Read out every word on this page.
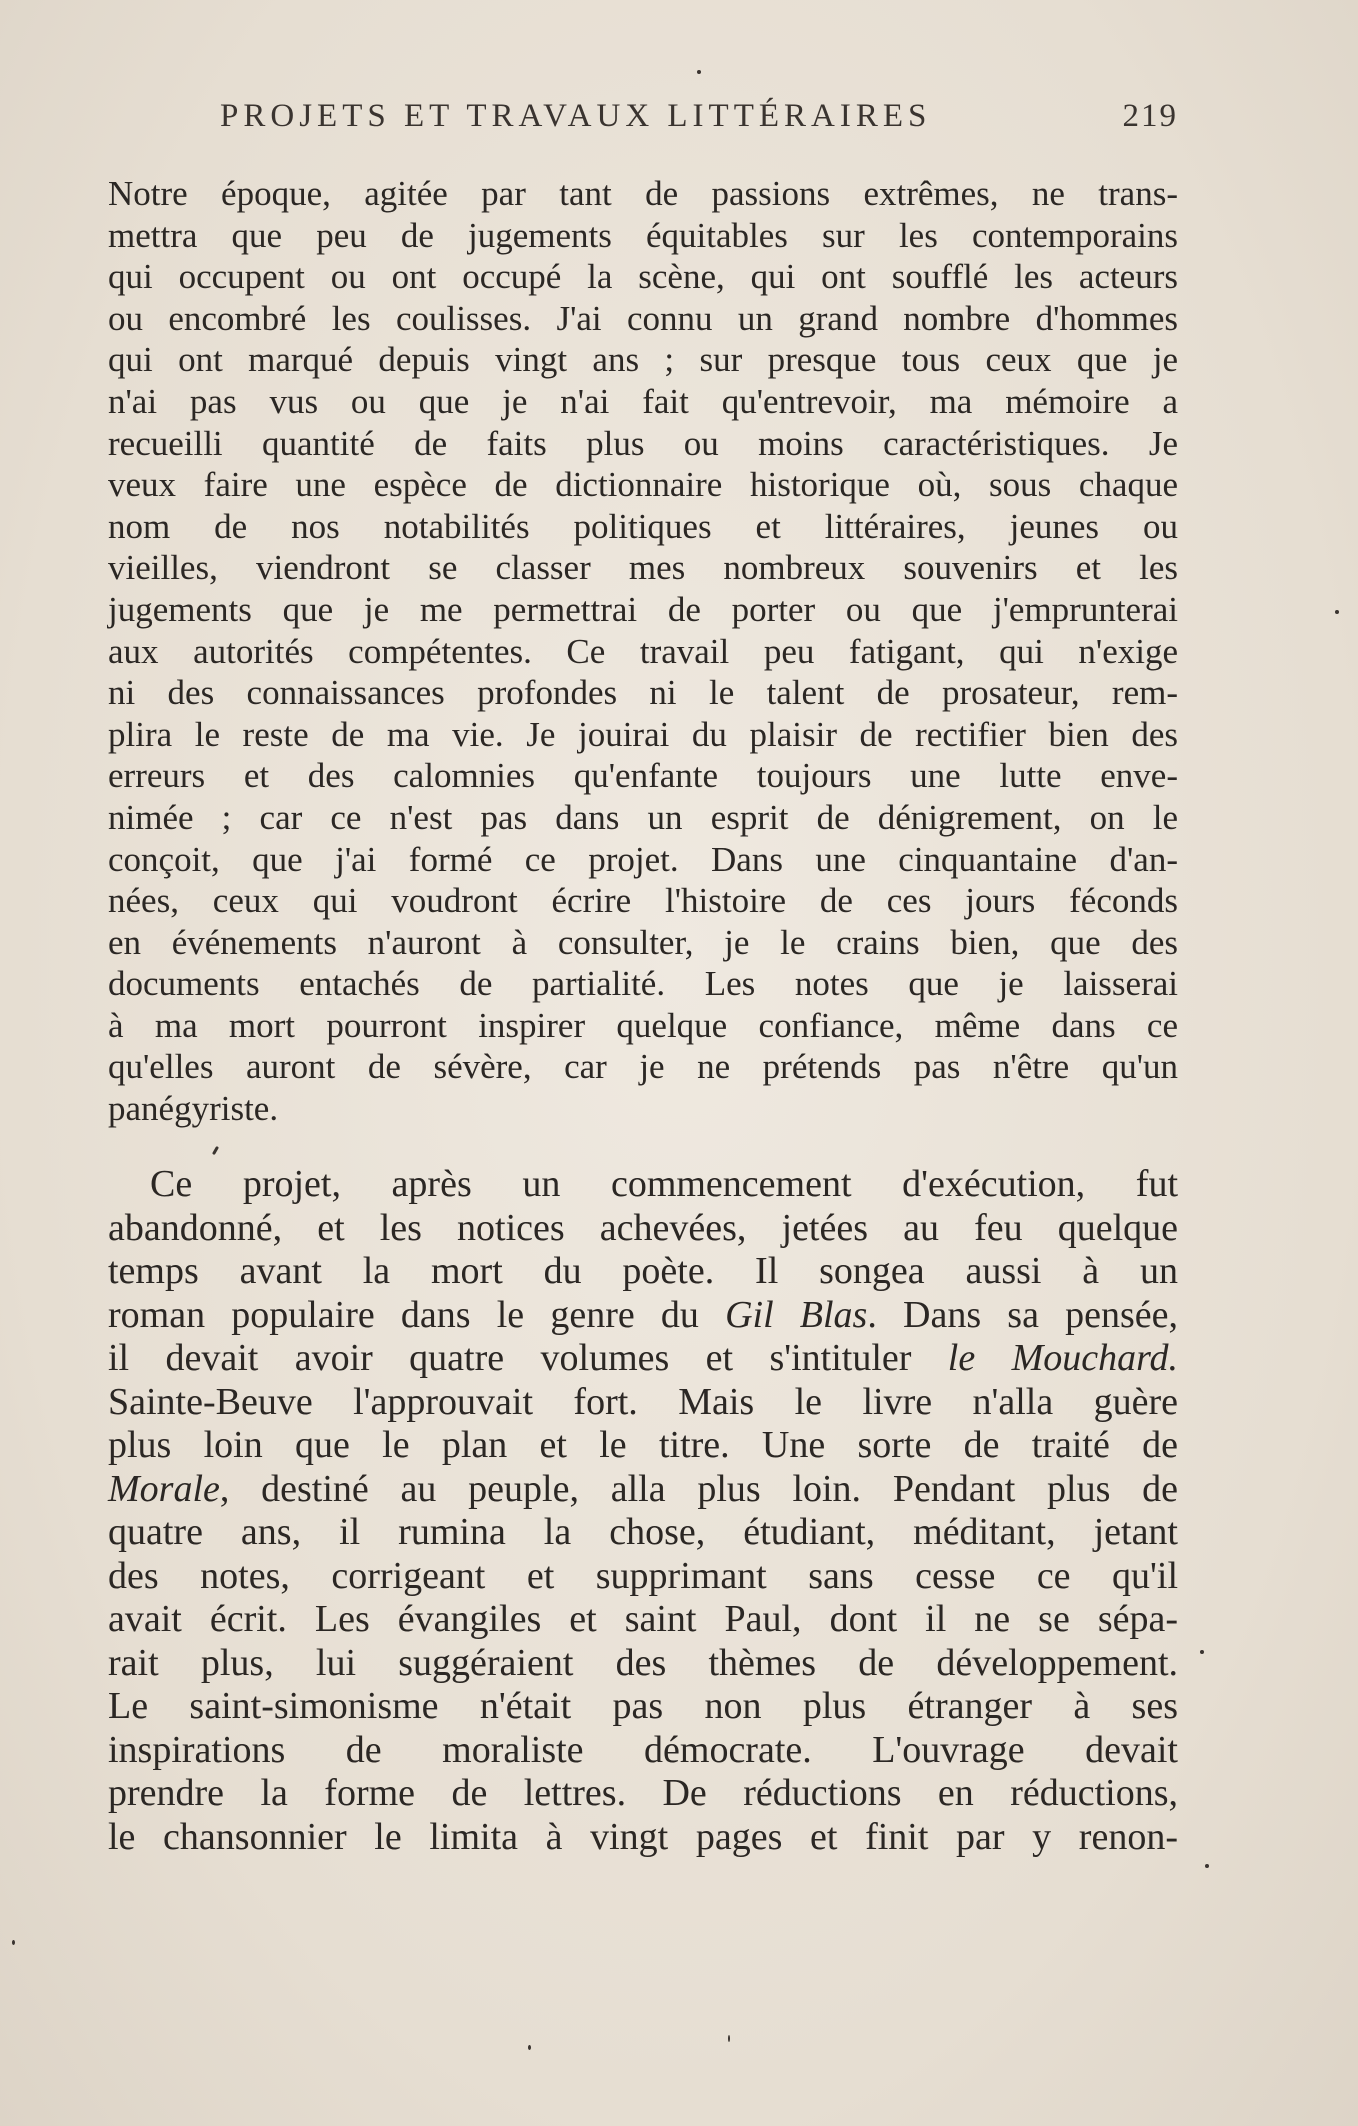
PROJETS ET TRAVAUX LITTÉRAIRES	219
Notre époque, agitée par tant de passions extrêmes, ne trans-
mettra que peu de jugements équitables sur les contemporains
qui occupent ou ont occupé la scène, qui ont soufflé les acteurs
ou encombré les coulisses. J'ai connu un grand nombre d'hommes
qui ont marqué depuis vingt ans ; sur presque tous ceux que je
n'ai pas vus ou que je n'ai fait qu'entrevoir, ma mémoire a
recueilli quantité de faits plus ou moins caractéristiques. Je
veux faire une espèce de dictionnaire historique où, sous chaque
nom de nos notabilités politiques et littéraires, jeunes ou
vieilles, viendront se classer mes nombreux souvenirs et les
jugements que je me permettrai de porter ou que j'emprunterai
aux autorités compétentes. Ce travail peu fatigant, qui n'exige
ni des connaissances profondes ni le talent de prosateur, rem-
plira le reste de ma vie. Je jouirai du plaisir de rectifier bien des
erreurs et des calomnies qu'enfante toujours une lutte enve-
nimée ; car ce n'est pas dans un esprit de dénigrement, on le
conçoit, que j'ai formé ce projet. Dans une cinquantaine d'an-
nées, ceux qui voudront écrire l'histoire de ces jours féconds
en événements n'auront à consulter, je le crains bien, que des
documents entachés de partialité. Les notes que je laisserai
à ma mort pourront inspirer quelque confiance, même dans ce
qu'elles auront de sévère, car je ne prétends pas n'être qu'un
panégyriste.
Ce projet, après un commencement d'exécution, fut
abandonné, et les notices achevées, jetées au feu quelque
temps avant la mort du poète. Il songea aussi à un
roman populaire dans le genre du Gil Blas. Dans sa pensée,
il devait avoir quatre volumes et s'intituler le Mouchard.
Sainte-Beuve l'approuvait fort. Mais le livre n'alla guère
plus loin que le plan et le titre. Une sorte de traité de
Morale, destiné au peuple, alla plus loin. Pendant plus de
quatre ans, il rumina la chose, étudiant, méditant, jetant
des notes, corrigeant et supprimant sans cesse ce qu'il
avait écrit. Les évangiles et saint Paul, dont il ne se sépa-
rait plus, lui suggéraient des thèmes de développement.
Le saint-simonisme n'était pas non plus étranger à ses
inspirations de moraliste démocrate. L'ouvrage devait
prendre la forme de lettres. De réductions en réductions,
le chansonnier le limita à vingt pages et finit par y renon-
